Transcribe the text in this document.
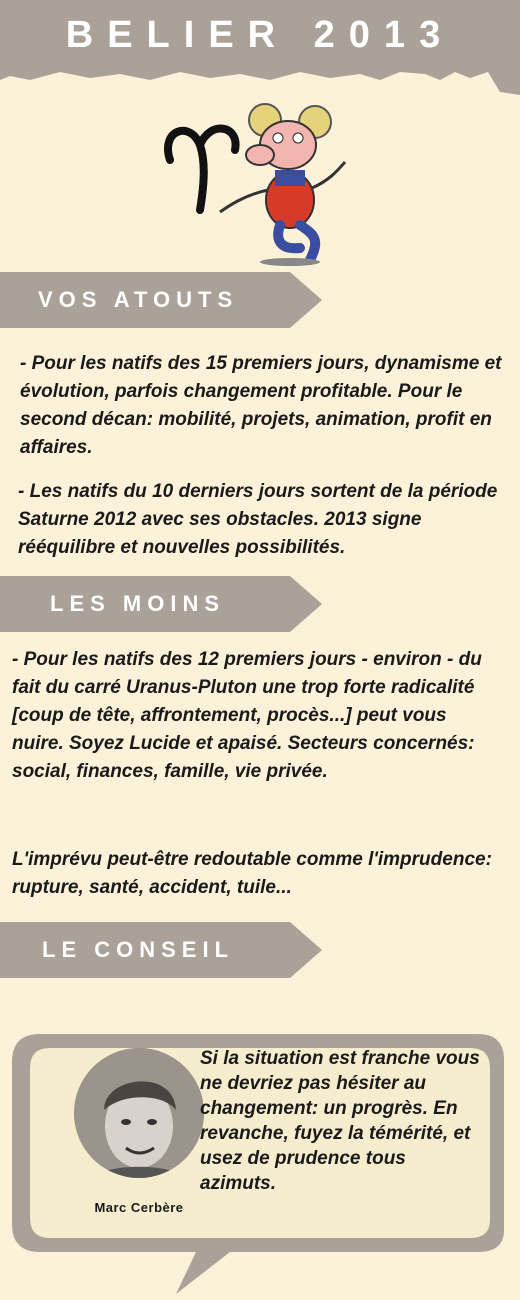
BELIER 2013
VOS ATOUTS
- Pour les natifs des 15 premiers jours, dynamisme et évolution, parfois changement profitable. Pour le second décan: mobilité, projets, animation, profit en affaires.
- Les natifs du 10 derniers jours sortent de la période Saturne 2012 avec ses obstacles. 2013 signe rééquilibre et nouvelles possibilités.
LES MOINS
- Pour les natifs des 12 premiers jours - environ - du fait du carré Uranus-Pluton une trop forte radicalité [coup de tête, affrontement, procès...] peut vous nuire. Soyez Lucide et apaisé. Secteurs concernés: social, finances, famille, vie privée.
L'imprévu peut-être redoutable comme l'imprudence: rupture, santé, accident, tuile...
LE CONSEIL
Marc Cerbère
Si la situation est franche vous ne devriez pas hésiter au changement: un progrès. En revanche, fuyez la témérité, et usez de prudence tous azimuts.
